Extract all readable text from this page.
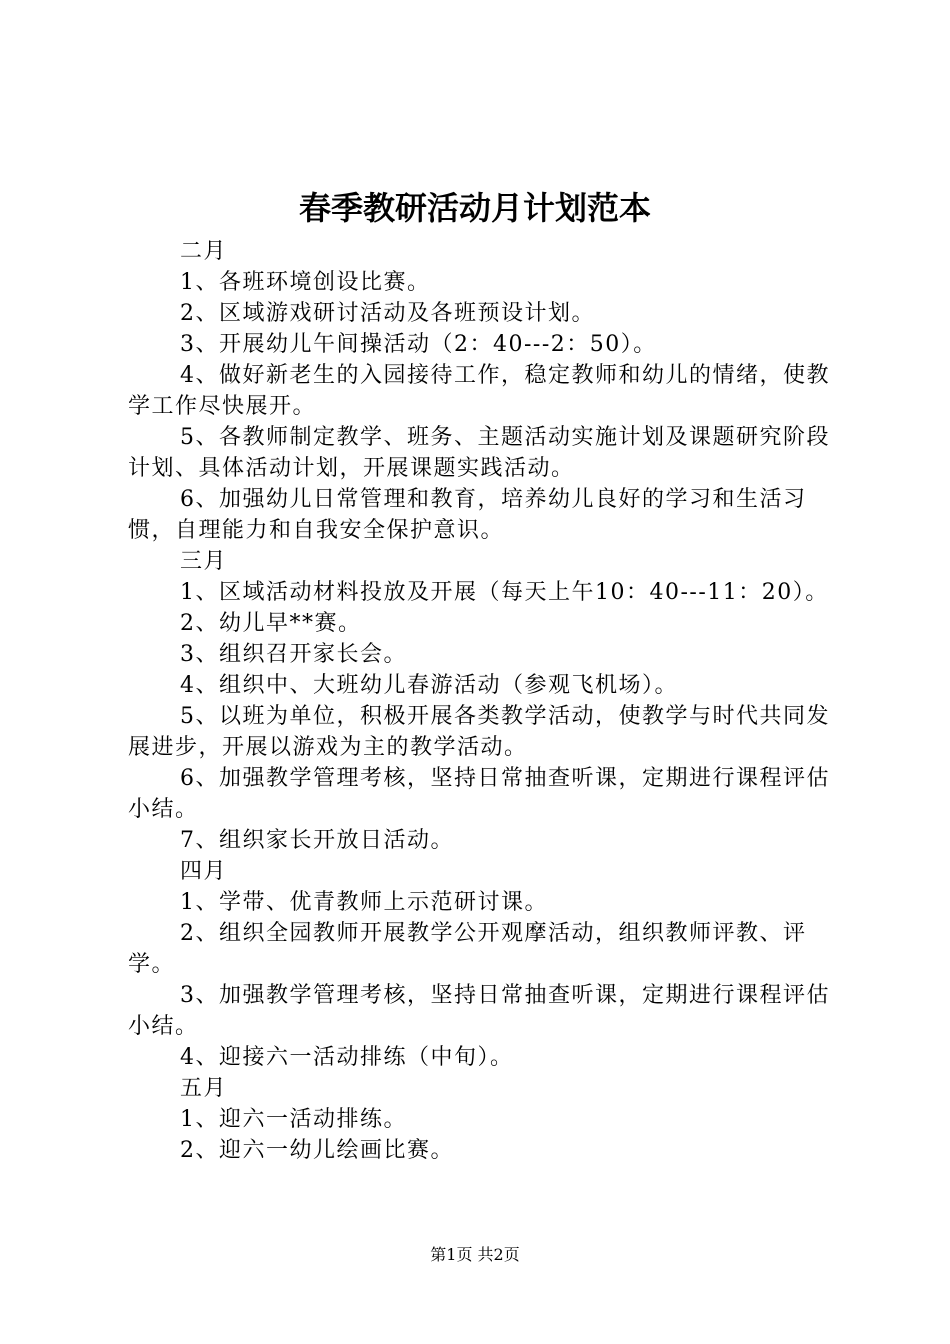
春季教研活动月计划范本

二月

1、各班环境创设比赛。

2、区域游戏研讨活动及各班预设计划。

3、开展幼儿午间操活动（2：40---2：50）。

4、做好新老生的入园接待工作，稳定教师和幼儿的情绪，使教学工作尽快展开。

5、各教师制定教学、班务、主题活动实施计划及课题研究阶段计划、具体活动计划，开展课题实践活动。

6、加强幼儿日常管理和教育，培养幼儿良好的学习和生活习惯，自理能力和自我安全保护意识。

三月

1、区域活动材料投放及开展（每天上午10：40---11：20）。

2、幼儿早**赛。

3、组织召开家长会。

4、组织中、大班幼儿春游活动（参观飞机场）。

5、以班为单位，积极开展各类教学活动，使教学与时代共同发展进步，开展以游戏为主的教学活动。

6、加强教学管理考核，坚持日常抽查听课，定期进行课程评估小结。

7、组织家长开放日活动。

四月

1、学带、优青教师上示范研讨课。

2、组织全园教师开展教学公开观摩活动，组织教师评教、评学。

3、加强教学管理考核，坚持日常抽查听课，定期进行课程评估小结。

4、迎接六一活动排练（中旬）。

五月

1、迎六一活动排练。

2、迎六一幼儿绘画比赛。

第1页 共2页
